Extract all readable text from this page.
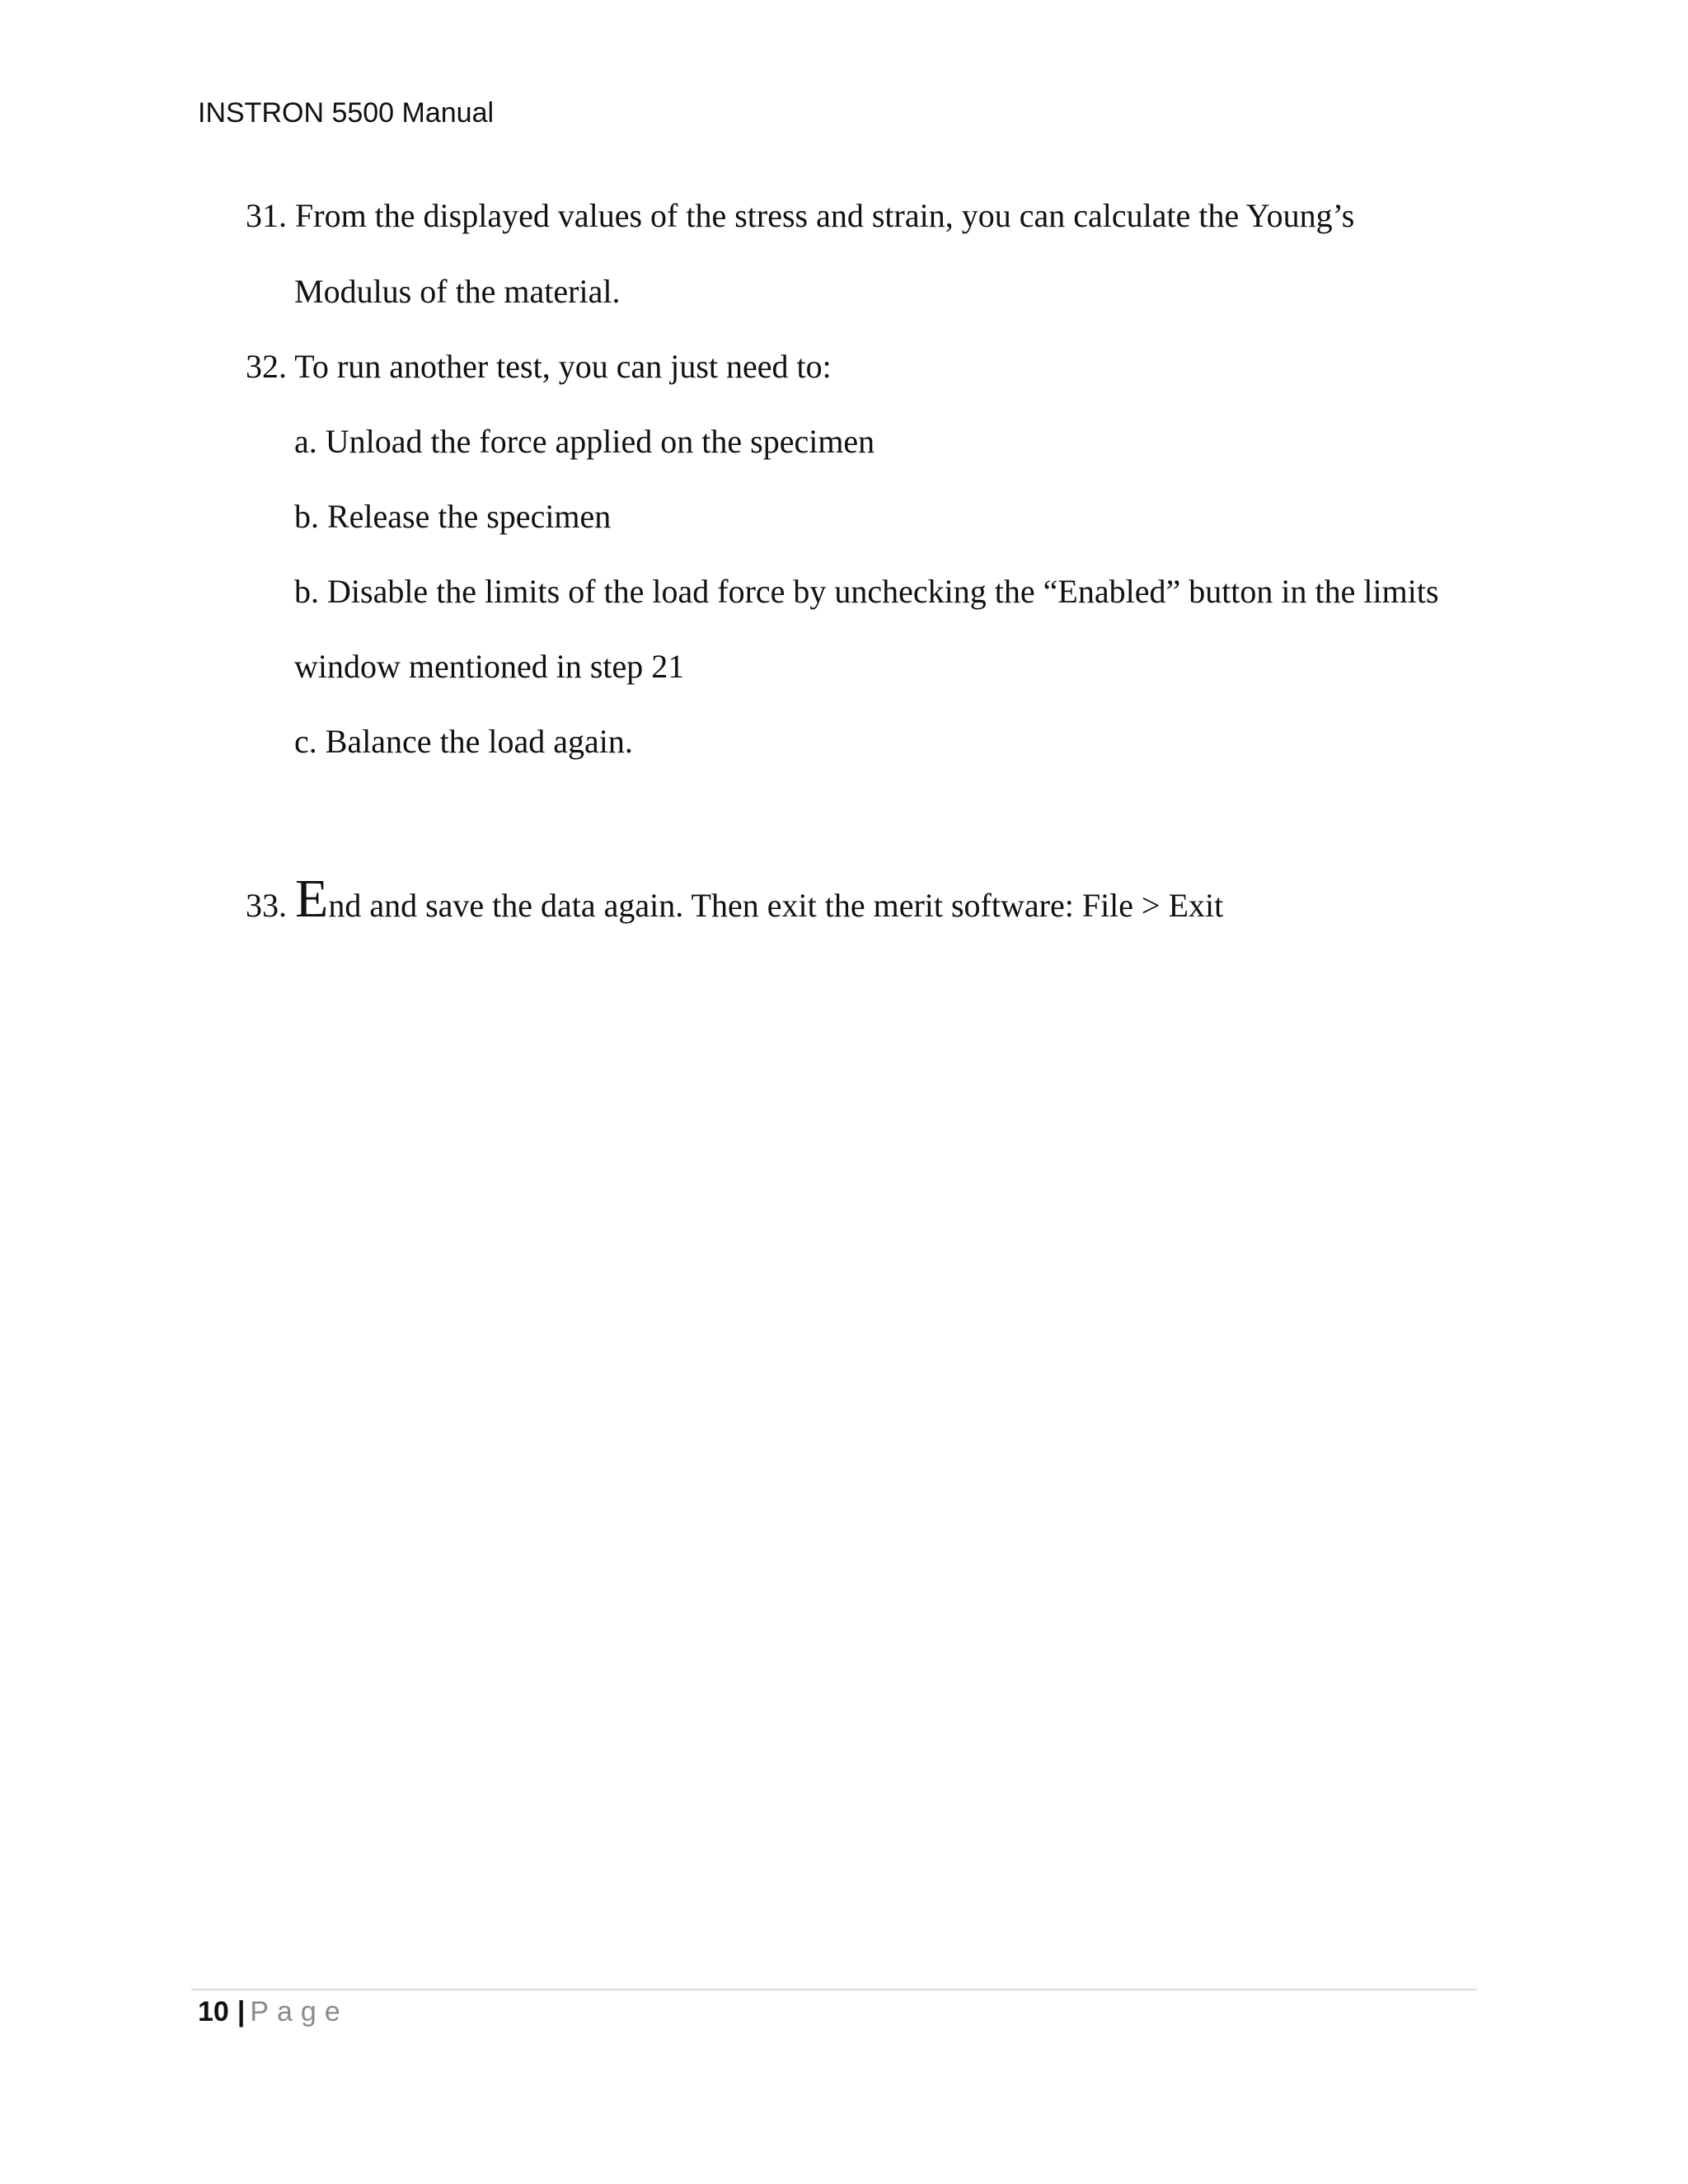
INSTRON 5500 Manual
31. From the displayed values of the stress and strain, you can calculate the Young’s
Modulus of the material.
32. To run another test, you can just need to:
a. Unload the force applied on the specimen
b. Release the specimen
b. Disable the limits of the load force by unchecking the “Enabled” button in the limits
window mentioned in step 21
c. Balance the load again.
33. End and save the data again. Then exit the merit software: File > Exit
10 | Page
